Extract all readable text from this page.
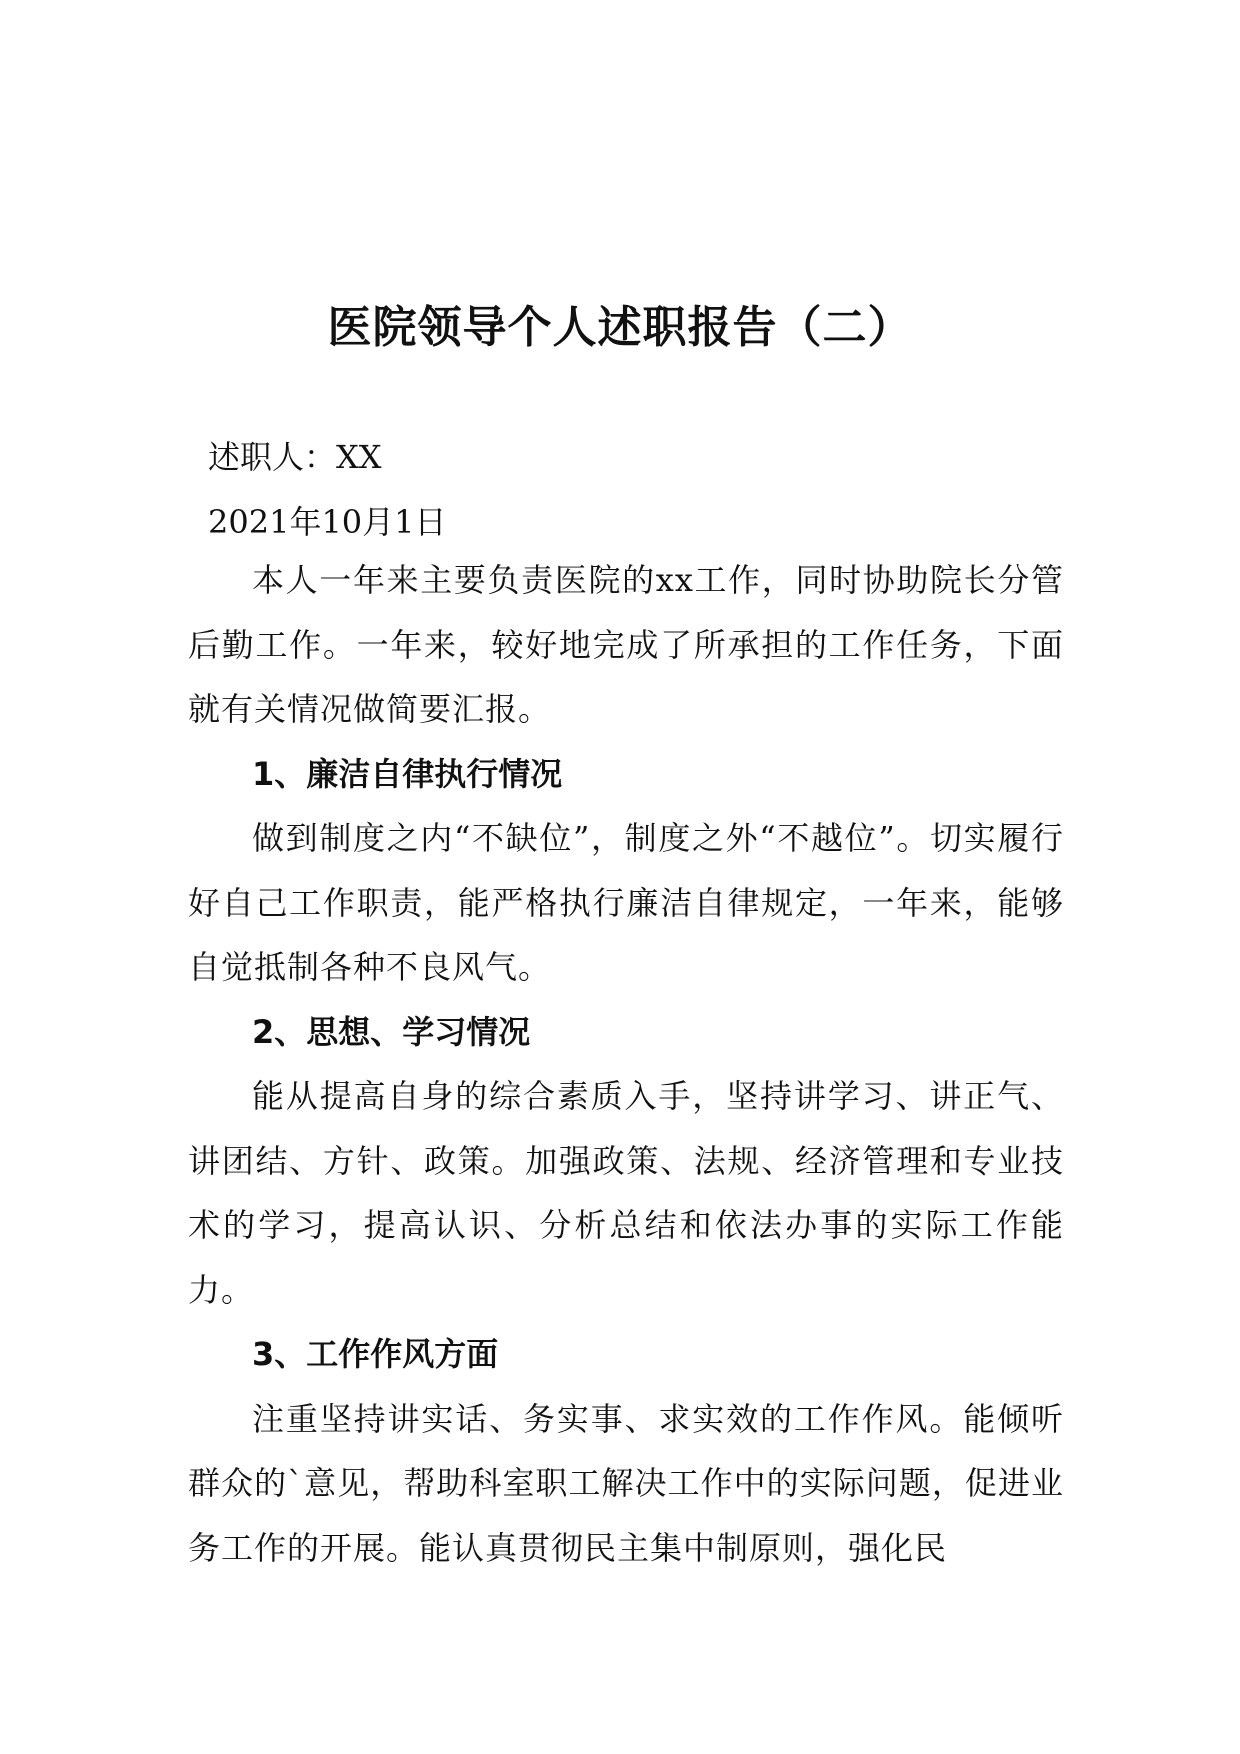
医院领导个人述职报告（二）
述职人：XX
2021年10月1日

本人一年来主要负责医院的xx工作，同时协助院长分管后勤工作。一年来，较好地完成了所承担的工作任务，下面就有关情况做简要汇报。

1、廉洁自律执行情况

做到制度之内“不缺位”，制度之外“不越位”。切实履行好自己工作职责，能严格执行廉洁自律规定，一年来，能够自觉抵制各种不良风气。

2、思想、学习情况

能从提高自身的综合素质入手，坚持讲学习、讲正气、讲团结、方针、政策。加强政策、法规、经济管理和专业技术的学习，提高认识、分析总结和依法办事的实际工作能力。

3、工作作风方面

注重坚持讲实话、务实事、求实效的工作作风。能倾听群众的`意见，帮助科室职工解决工作中的实际问题，促进业务工作的开展。能认真贯彻民主集中制原则，强化民
